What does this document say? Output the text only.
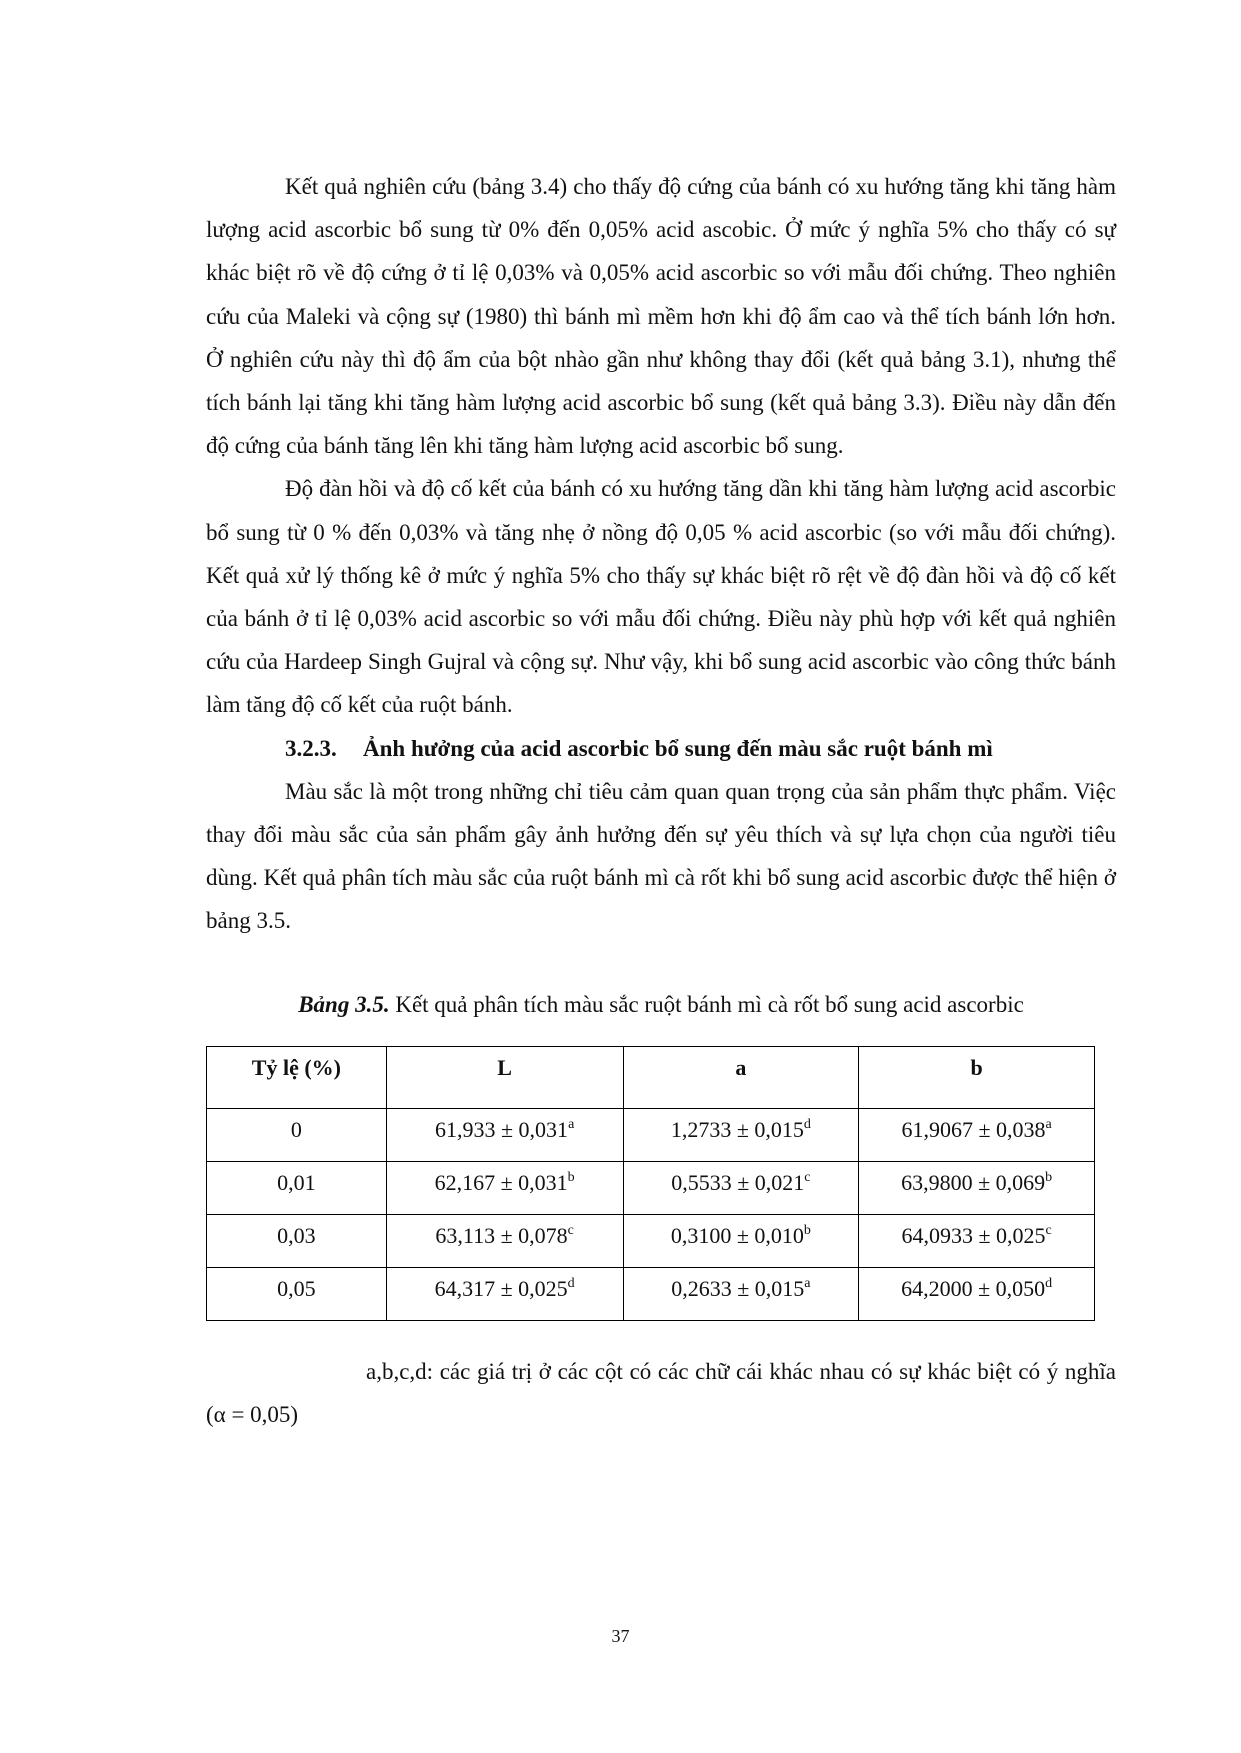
Kết quả nghiên cứu (bảng 3.4) cho thấy độ cứng của bánh có xu hướng tăng khi tăng hàm lượng acid ascorbic bổ sung từ 0% đến 0,05% acid ascobic. Ở mức ý nghĩa 5% cho thấy có sự khác biệt rõ về độ cứng ở tỉ lệ 0,03% và 0,05% acid ascorbic so với mẫu đối chứng. Theo nghiên cứu của Maleki và cộng sự (1980) thì bánh mì mềm hơn khi độ ẩm cao và thể tích bánh lớn hơn. Ở nghiên cứu này thì độ ẩm của bột nhào gần như không thay đổi (kết quả bảng 3.1), nhưng thể tích bánh lại tăng khi tăng hàm lượng acid ascorbic bổ sung (kết quả bảng 3.3). Điều này dẫn đến độ cứng của bánh tăng lên khi tăng hàm lượng acid ascorbic bổ sung.

Độ đàn hồi và độ cố kết của bánh có xu hướng tăng dần khi tăng hàm lượng acid ascorbic bổ sung từ 0 % đến 0,03% và tăng nhẹ ở nồng độ 0,05 % acid ascorbic (so với mẫu đối chứng). Kết quả xử lý thống kê ở mức ý nghĩa 5% cho thấy sự khác biệt rõ rệt về độ đàn hồi và độ cố kết của bánh ở tỉ lệ 0,03% acid ascorbic so với mẫu đối chứng. Điều này phù hợp với kết quả nghiên cứu của Hardeep Singh Gujral và cộng sự. Như vậy, khi bổ sung acid ascorbic vào công thức bánh làm tăng độ cố kết của ruột bánh.

3.2.3. Ảnh hưởng của acid ascorbic bổ sung đến màu sắc ruột bánh mì

Màu sắc là một trong những chỉ tiêu cảm quan quan trọng của sản phẩm thực phẩm. Việc thay đổi màu sắc của sản phẩm gây ảnh hưởng đến sự yêu thích và sự lựa chọn của người tiêu dùng. Kết quả phân tích màu sắc của ruột bánh mì cà rốt khi bổ sung acid ascorbic được thể hiện ở bảng 3.5.

Bảng 3.5. Kết quả phân tích màu sắc ruột bánh mì cà rốt bổ sung acid ascorbic
Tỷ lệ (%)	L	a	b
0	61,933 ± 0,031$^a$	1,2733 ± 0,015$^d$	61,9067 ± 0,038$^a$
0,01	62,167 ± 0,031$^b$	0,5533 ± 0,021$^c$	63,9800 ± 0,069$^b$
0,03	63,113 ± 0,078$^c$	0,3100 ± 0,010$^b$	64,0933 ± 0,025$^c$
0,05	64,317 ± 0,025$^d$	0,2633 ± 0,015$^a$	64,2000 ± 0,050$^d$

a,b,c,d: các giá trị ở các cột có các chữ cái khác nhau có sự khác biệt có ý nghĩa (α = 0,05)

37
